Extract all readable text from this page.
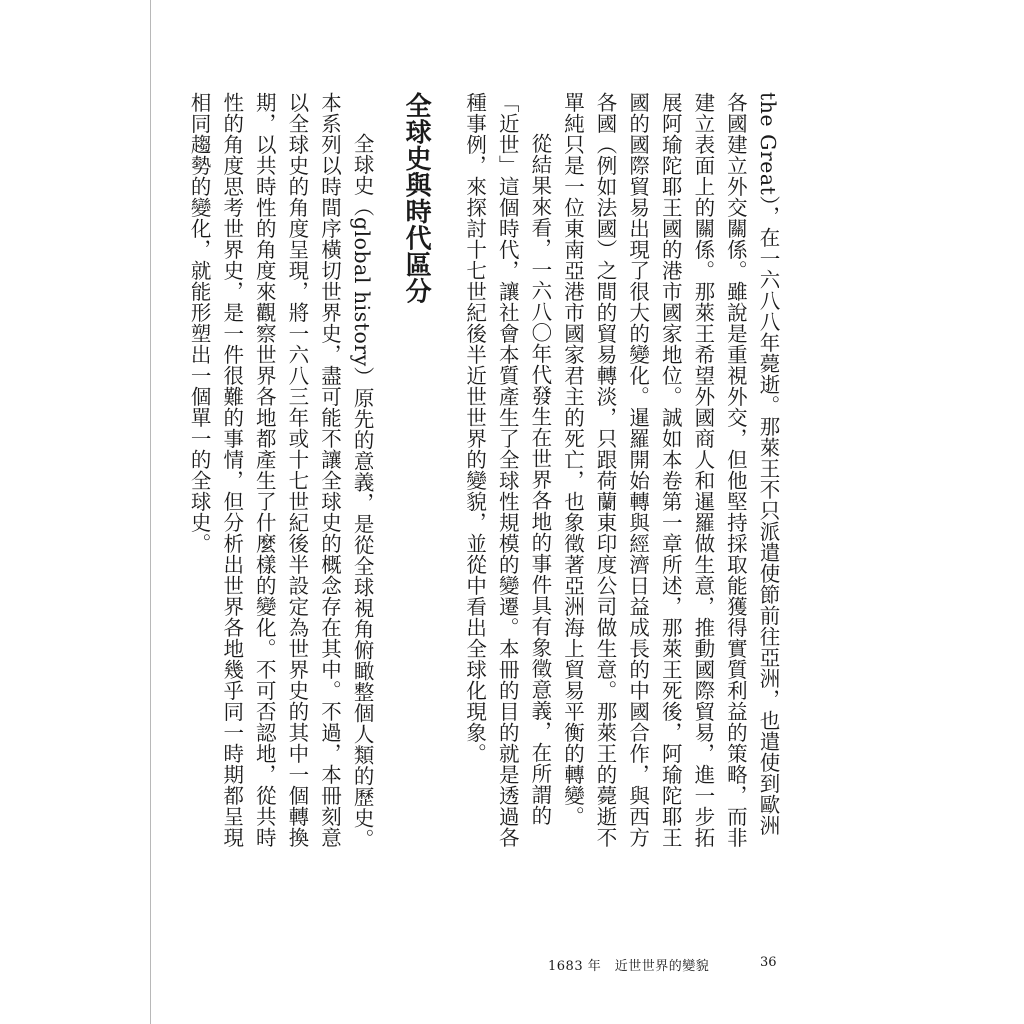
the Great），在一六八八年薨逝。那萊王不只派遣使節前往亞洲，也遣使到歐洲各國建立外交關係。雖說是重視外交，但他堅持採取能獲得實質利益的策略，而非建立表面上的關係。那萊王希望外國商人和暹羅做生意，推動國際貿易，進一步拓展阿瑜陀耶王國的港市國家地位。誠如本卷第一章所述，那萊王死後，阿瑜陀耶王國的國際貿易出現了很大的變化。暹羅開始轉與經濟日益成長的中國合作，與西方各國（例如法國）之間的貿易轉淡，只跟荷蘭東印度公司做生意。那萊王的薨逝不單純只是一位東南亞港市國家君主的死亡，也象徵著亞洲海上貿易平衡的轉變。

從結果來看，一六八〇年代發生在世界各地的事件具有象徵意義，在所謂的「近世」這個時代，讓社會本質產生了全球性規模的變遷。本冊的目的就是透過各種事例，來探討十七世紀後半近世世界的變貌，並從中看出全球化現象。

全球史與時代區分

全球史（global history）原先的意義，是從全球視角俯瞰整個人類的歷史。本系列以時間序橫切世界史，盡可能不讓全球史的概念存在其中。不過，本冊刻意以全球史的角度呈現，將一六八三年或十七世紀後半設定為世界史的其中一個轉換期，以共時性的角度來觀察世界各地都產生了什麼樣的變化。不可否認地，從共時性的角度思考世界史，是一件很難的事情，但分析出世界各地幾乎同一時期都呈現相同趨勢的變化，就能形塑出一個單一的全球史。

1683 年　近世世界的變貌	36
